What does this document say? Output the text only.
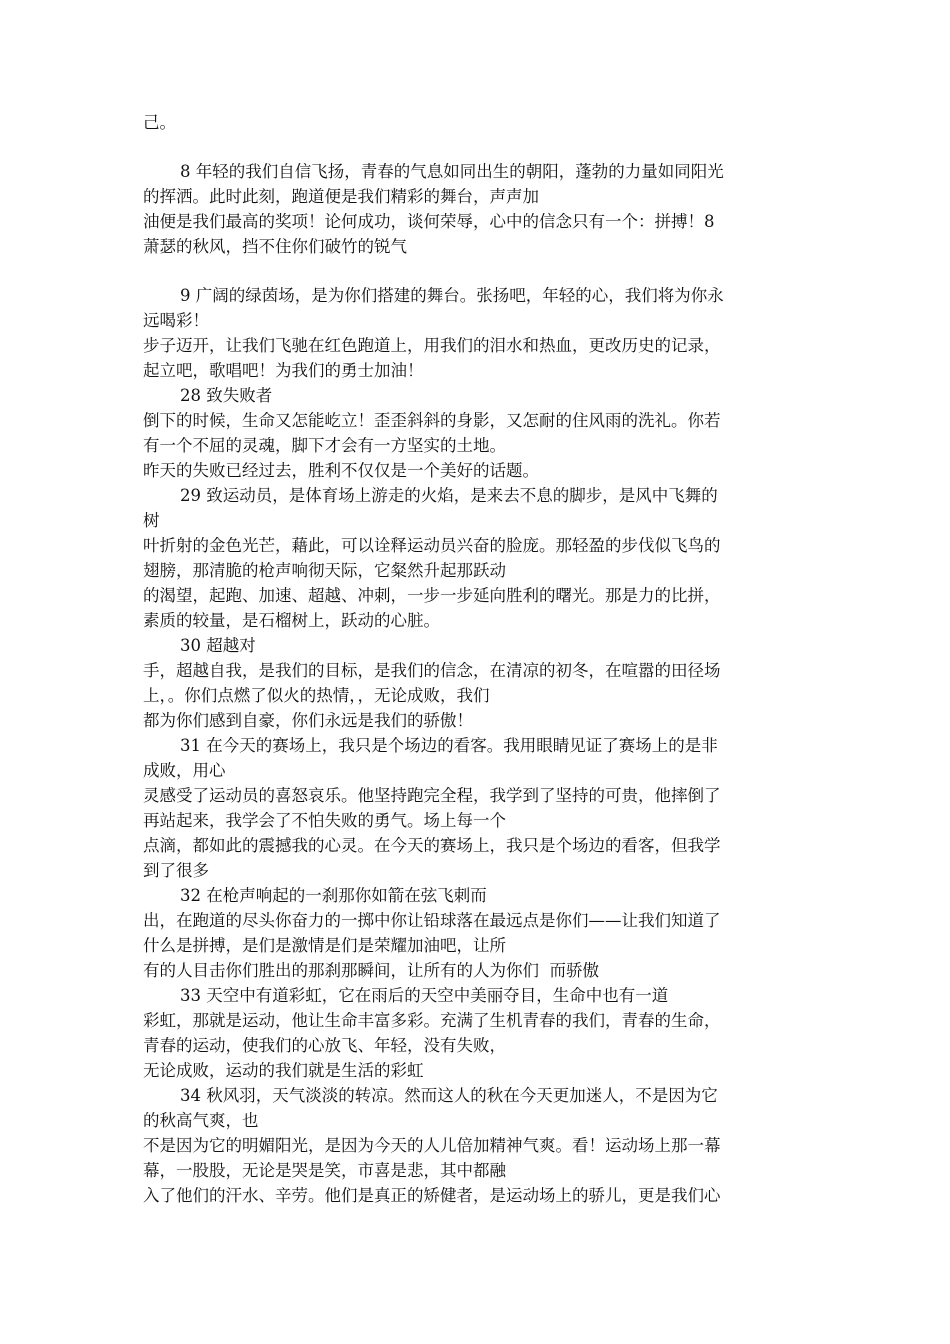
己。
8 年轻的我们自信飞扬，青春的气息如同出生的朝阳，蓬勃的力量如同阳光
的挥洒。此时此刻，跑道便是我们精彩的舞台，声声加
油便是我们最高的奖项！论何成功，谈何荣辱，心中的信念只有一个：拼搏！8
萧瑟的秋风，挡不住你们破竹的锐气
9 广阔的绿茵场，是为你们搭建的舞台。张扬吧，年轻的心，我们将为你永
远喝彩！
步子迈开，让我们飞驰在红色跑道上，用我们的泪水和热血，更改历史的记录，
起立吧，歌唱吧！为我们的勇士加油！
28 致失败者
倒下的时候，生命又怎能屹立！歪歪斜斜的身影，又怎耐的住风雨的洗礼。你若
有一个不屈的灵魂，脚下才会有一方坚实的土地。
昨天的失败已经过去，胜利不仅仅是一个美好的话题。
29 致运动员，是体育场上游走的火焰，是来去不息的脚步，是风中飞舞的
树
叶折射的金色光芒，藉此，可以诠释运动员兴奋的脸庞。那轻盈的步伐似飞鸟的
翅膀，那清脆的枪声响彻天际，它粲然升起那跃动
的渴望，起跑、加速、超越、冲刺，一步一步延向胜利的曙光。那是力的比拼，
素质的较量，是石榴树上，跃动的心脏。
30 超越对
手，超越自我，是我们的目标，是我们的信念，在清凉的初冬，在喧嚣的田径场
上，。你们点燃了似火的热情，，无论成败，我们
都为你们感到自豪，你们永远是我们的骄傲！
31 在今天的赛场上，我只是个场边的看客。我用眼睛见证了赛场上的是非
成败，用心
灵感受了运动员的喜怒哀乐。他坚持跑完全程，我学到了坚持的可贵，他摔倒了
再站起来，我学会了不怕失败的勇气。场上每一个
点滴，都如此的震撼我的心灵。在今天的赛场上，我只是个场边的看客，但我学
到了很多
32 在枪声响起的一刹那你如箭在弦飞刺而
出，在跑道的尽头你奋力的一掷中你让铅球落在最远点是你们——让我们知道了
什么是拼搏，是们是激情是们是荣耀加油吧，让所
有的人目击你们胜出的那刹那瞬间，让所有的人为你们  而骄傲
33 天空中有道彩虹，它在雨后的天空中美丽夺目，生命中也有一道
彩虹，那就是运动，他让生命丰富多彩。充满了生机青春的我们，青春的生命，
青春的运动，使我们的心放飞、年轻，没有失败，
无论成败，运动的我们就是生活的彩虹
34 秋风羽，天气淡淡的转凉。然而这人的秋在今天更加迷人，不是因为它
的秋高气爽，也
不是因为它的明媚阳光，是因为今天的人儿倍加精神气爽。看！运动场上那一幕
幕，一股股，无论是哭是笑，市喜是悲，其中都融
入了他们的汗水、辛劳。他们是真正的矫健者，是运动场上的骄儿，更是我们心
